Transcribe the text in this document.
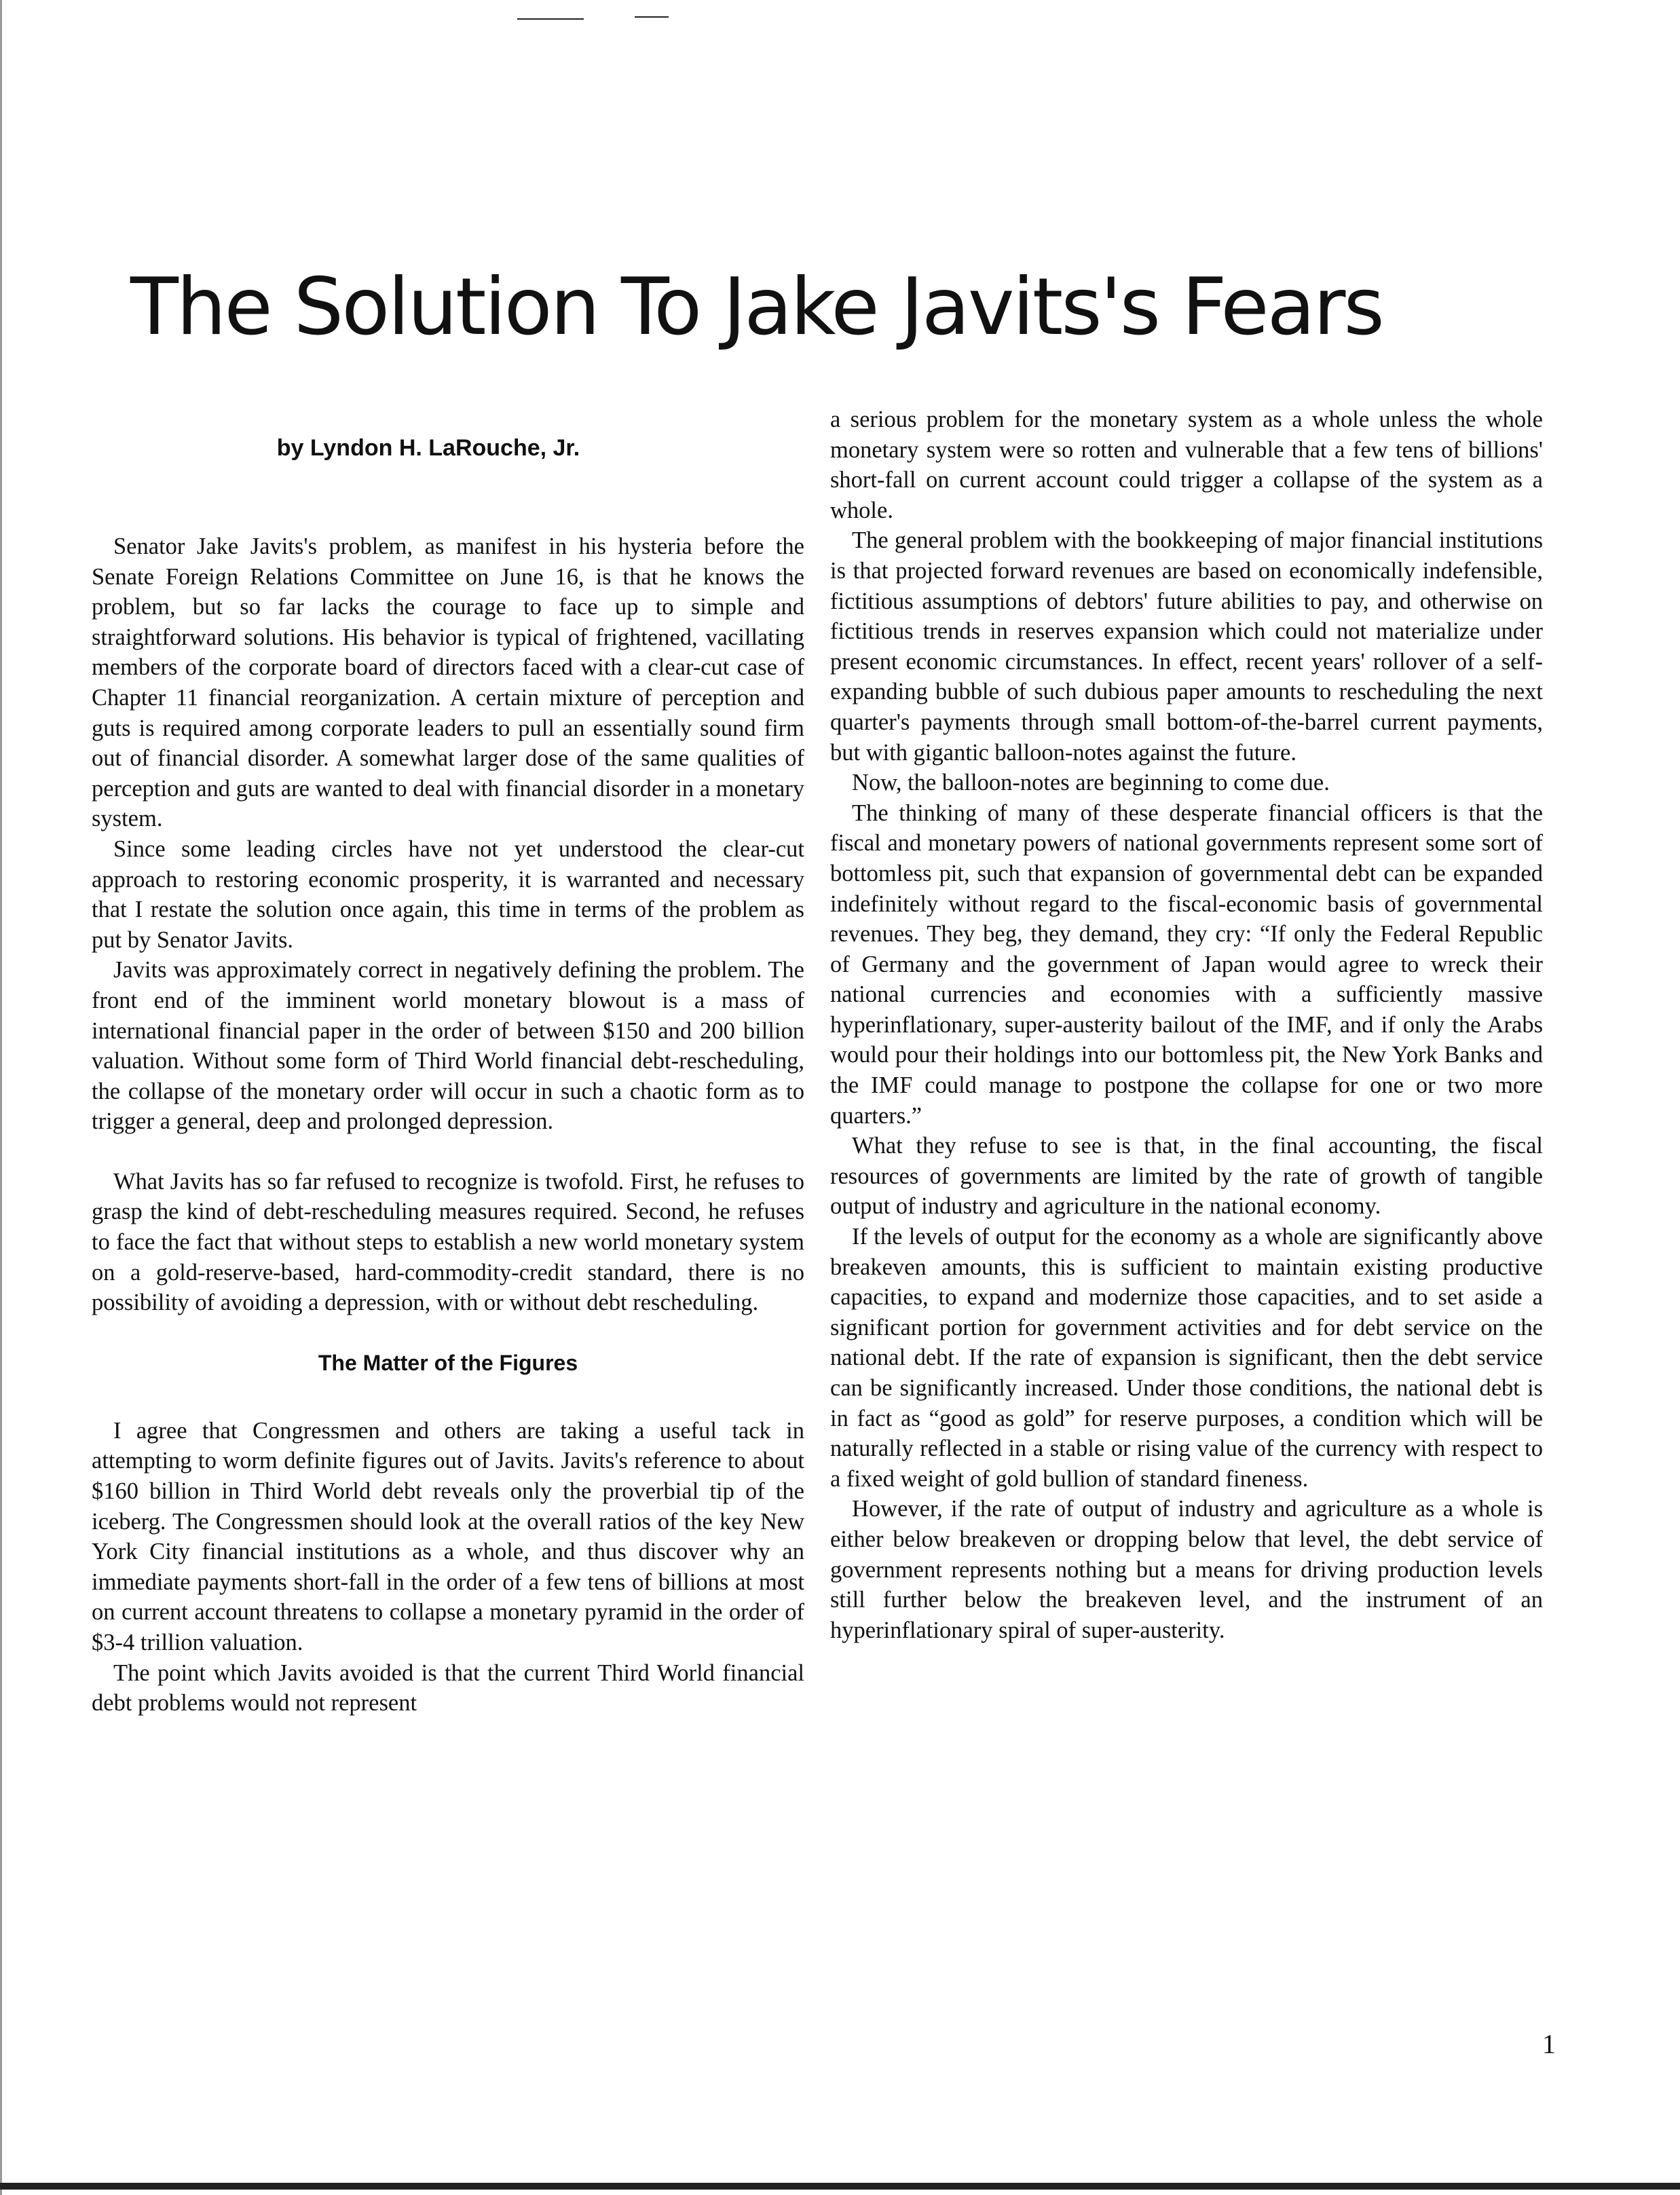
The Solution To Jake Javits's Fears
by Lyndon H. LaRouche, Jr.

Senator Jake Javits's problem, as manifest in his hysteria before the Senate Foreign Relations Committee on June 16, is that he knows the problem, but so far lacks the courage to face up to simple and straightforward solutions. His behavior is typical of frightened, vacillating members of the corporate board of directors faced with a clear-cut case of Chapter 11 financial reorganization. A certain mixture of perception and guts is required among corporate leaders to pull an essentially sound firm out of financial disorder. A somewhat larger dose of the same qualities of perception and guts are wanted to deal with financial disorder in a monetary system.

Since some leading circles have not yet understood the clear-cut approach to restoring economic prosperity, it is warranted and necessary that I restate the solution once again, this time in terms of the problem as put by Senator Javits.

Javits was approximately correct in negatively defining the problem. The front end of the imminent world monetary blowout is a mass of international financial paper in the order of between $150 and 200 billion valuation. Without some form of Third World financial debt-rescheduling, the collapse of the monetary order will occur in such a chaotic form as to trigger a general, deep and prolonged depression.

What Javits has so far refused to recognize is twofold. First, he refuses to grasp the kind of debt-rescheduling measures required. Second, he refuses to face the fact that without steps to establish a new world monetary system on a gold-reserve-based, hard-commodity-credit standard, there is no possibility of avoiding a depression, with or without debt rescheduling.

The Matter of the Figures

I agree that Congressmen and others are taking a useful tack in attempting to worm definite figures out of Javits. Javits's reference to about $160 billion in Third World debt reveals only the proverbial tip of the iceberg. The Congressmen should look at the overall ratios of the key New York City financial institutions as a whole, and thus discover why an immediate payments short-fall in the order of a few tens of billions at most on current account threatens to collapse a monetary pyramid in the order of $3-4 trillion valuation.

The point which Javits avoided is that the current Third World financial debt problems would not represent

a serious problem for the monetary system as a whole unless the whole monetary system were so rotten and vulnerable that a few tens of billions' short-fall on current account could trigger a collapse of the system as a whole.

The general problem with the bookkeeping of major financial institutions is that projected forward revenues are based on economically indefensible, fictitious assumptions of debtors' future abilities to pay, and otherwise on fictitious trends in reserves expansion which could not materialize under present economic circumstances. In effect, recent years' rollover of a self-expanding bubble of such dubious paper amounts to rescheduling the next quarter's payments through small bottom-of-the-barrel current payments, but with gigantic balloon-notes against the future.

Now, the balloon-notes are beginning to come due.

The thinking of many of these desperate financial officers is that the fiscal and monetary powers of national governments represent some sort of bottomless pit, such that expansion of governmental debt can be expanded indefinitely without regard to the fiscal-economic basis of governmental revenues. They beg, they demand, they cry: “If only the Federal Republic of Germany and the government of Japan would agree to wreck their national currencies and economies with a sufficiently massive hyperinflationary, super-austerity bailout of the IMF, and if only the Arabs would pour their holdings into our bottomless pit, the New York Banks and the IMF could manage to postpone the collapse for one or two more quarters.”

What they refuse to see is that, in the final accounting, the fiscal resources of governments are limited by the rate of growth of tangible output of industry and agriculture in the national economy.

If the levels of output for the economy as a whole are significantly above breakeven amounts, this is sufficient to maintain existing productive capacities, to expand and modernize those capacities, and to set aside a significant portion for government activities and for debt service on the national debt. If the rate of expansion is significant, then the debt service can be significantly increased. Under those conditions, the national debt is in fact as “good as gold” for reserve purposes, a condition which will be naturally reflected in a stable or rising value of the currency with respect to a fixed weight of gold bullion of standard fineness.

However, if the rate of output of industry and agriculture as a whole is either below breakeven or dropping below that level, the debt service of government represents nothing but a means for driving production levels still further below the breakeven level, and the instrument of an hyperinflationary spiral of super-austerity.

1
